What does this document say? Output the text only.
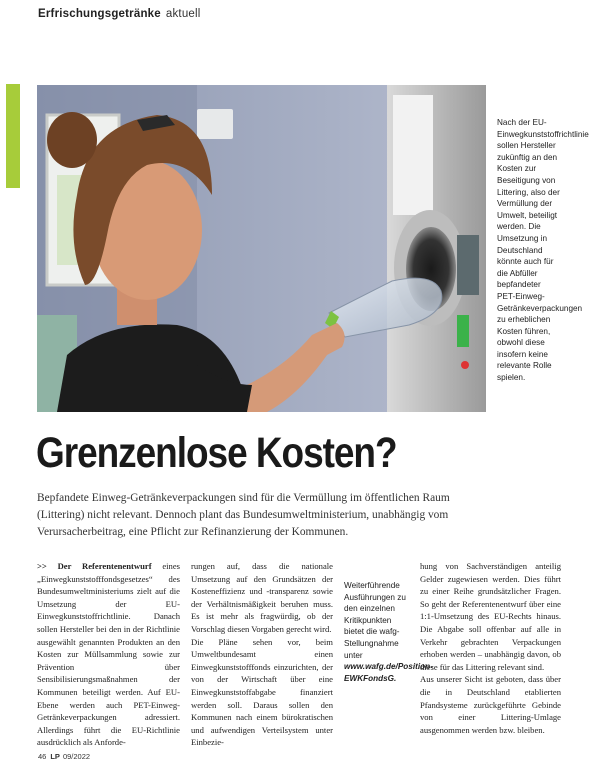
Erfrischungsgetränke aktuell
Nach der EU-Einwegkunststoffrichtlinie sollen Hersteller zukünftig an den Kosten zur Beseitigung von Littering, also der Vermüllung der Umwelt, beteiligt werden. Die Umsetzung in Deutschland könnte auch für die Abfüller bepfandeter PET-Einweg-Getränkeverpackungen zu erheblichen Kosten führen, obwohl diese insofern keine relevante Rolle spielen.
Grenzenlose Kosten?
Bepfandete Einweg-Getränkeverpackungen sind für die Vermüllung im öffentlichen Raum (Littering) nicht relevant. Dennoch plant das Bundesumweltministerium, unabhängig vom Verursacherbeitrag, eine Pflicht zur Refinanzierung der Kommunen.
>> Der Referentenentwurf eines „Einwegkunststofffondsgesetzes“ des Bundesumweltministeriums zielt auf die Umsetzung der EU-Einwegkunststoffrichtlinie. Danach sollen Hersteller bei den in der Richtlinie ausgewählt genannten Produkten an den Kosten zur Müllsammlung sowie zur Prävention über Sensibilisierungsmaßnahmen der Kommunen beteiligt werden. Auf EU-Ebene werden auch PET-Einweg-Getränkeverpackungen adressiert. Allerdings führt die EU-Richtlinie ausdrücklich als Anforde-
rungen auf, dass die nationale Umsetzung auf den Grundsätzen der Kosteneffizienz und -transparenz sowie der Verhältnismäßigkeit beruhen muss. Es ist mehr als fragwürdig, ob der Vorschlag diesen Vorgaben gerecht wird.
Die Pläne sehen vor, beim Umweltbundesamt einen Einwegkunststofffonds einzurichten, der von der Wirtschaft über eine Einwegkunststoffabgabe finanziert werden soll. Daraus sollen den Kommunen nach einem bürokratischen und aufwendigen Verteilsystem unter Einbezie-
Weiterführende Ausführungen zu den einzelnen Kritikpunkten bietet die wafg-Stellungnahme unter www.wafg.de/Position-EWKFondsG.
hung von Sachverständigen anteilig Gelder zugewiesen werden. Dies führt zu einer Reihe grundsätzlicher Fragen. So geht der Referentenentwurf über eine 1:1-Umsetzung des EU-Rechts hinaus. Die Abgabe soll offenbar auf alle in Verkehr gebrachten Verpackungen erhoben werden – unabhängig davon, ob diese für das Littering relevant sind.
Aus unserer Sicht ist geboten, dass über die in Deutschland etablierten Pfandsysteme zurückgeführte Gebinde von einer Littering-Umlage ausgenommen werden bzw. bleiben.
46 LP 09/2022
